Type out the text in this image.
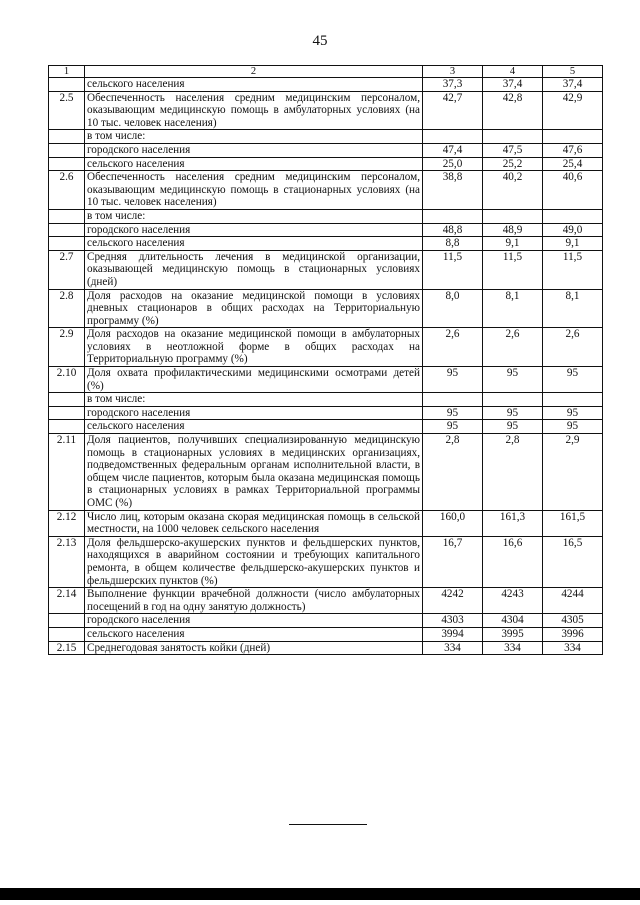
45
1	2	3	4	5
	сельского населения	37,3	37,4	37,4
2.5	Обеспеченность населения средним медицинским персоналом, оказывающим медицинскую помощь в амбулаторных условиях (на 10 тыс. человек населения)	42,7	42,8	42,9
	в том числе:			
	городского населения	47,4	47,5	47,6
	сельского населения	25,0	25,2	25,4
2.6	Обеспеченность населения средним медицинским персоналом, оказывающим медицинскую помощь в стационарных условиях (на 10 тыс. человек населения)	38,8	40,2	40,6
	в том числе:			
	городского населения	48,8	48,9	49,0
	сельского населения	8,8	9,1	9,1
2.7	Средняя длительность лечения в медицинской организации, оказывающей медицинскую помощь в стационарных условиях (дней)	11,5	11,5	11,5
2.8	Доля расходов на оказание медицинской помощи в условиях дневных стационаров в общих расходах на Территориальную программу (%)	8,0	8,1	8,1
2.9	Доля расходов на оказание медицинской помощи в амбулаторных условиях в неотложной форме в общих расходах на Территориальную программу (%)	2,6	2,6	2,6
2.10	Доля охвата профилактическими медицинскими осмотрами детей (%)	95	95	95
	в том числе:			
	городского населения	95	95	95
	сельского населения	95	95	95
2.11	Доля пациентов, получивших специализированную медицинскую помощь в стационарных условиях в медицинских организациях, подведомственных федеральным органам исполнительной власти, в общем числе пациентов, которым была оказана медицинская помощь в стационарных условиях в рамках Территориальной программы ОМС (%)	2,8	2,8	2,9
2.12	Число лиц, которым оказана скорая медицинская помощь в сельской местности, на 1000 человек сельского населения	160,0	161,3	161,5
2.13	Доля фельдшерско-акушерских пунктов и фельдшерских пунктов, находящихся в аварийном состоянии и требующих капитального ремонта, в общем количестве фельдшерско-акушерских пунктов и фельдшерских пунктов (%)	16,7	16,6	16,5
2.14	Выполнение функции врачебной должности (число амбулаторных посещений в год на одну занятую должность)	4242	4243	4244
	городского населения	4303	4304	4305
	сельского населения	3994	3995	3996
2.15	Среднегодовая занятость койки (дней)	334	334	334
